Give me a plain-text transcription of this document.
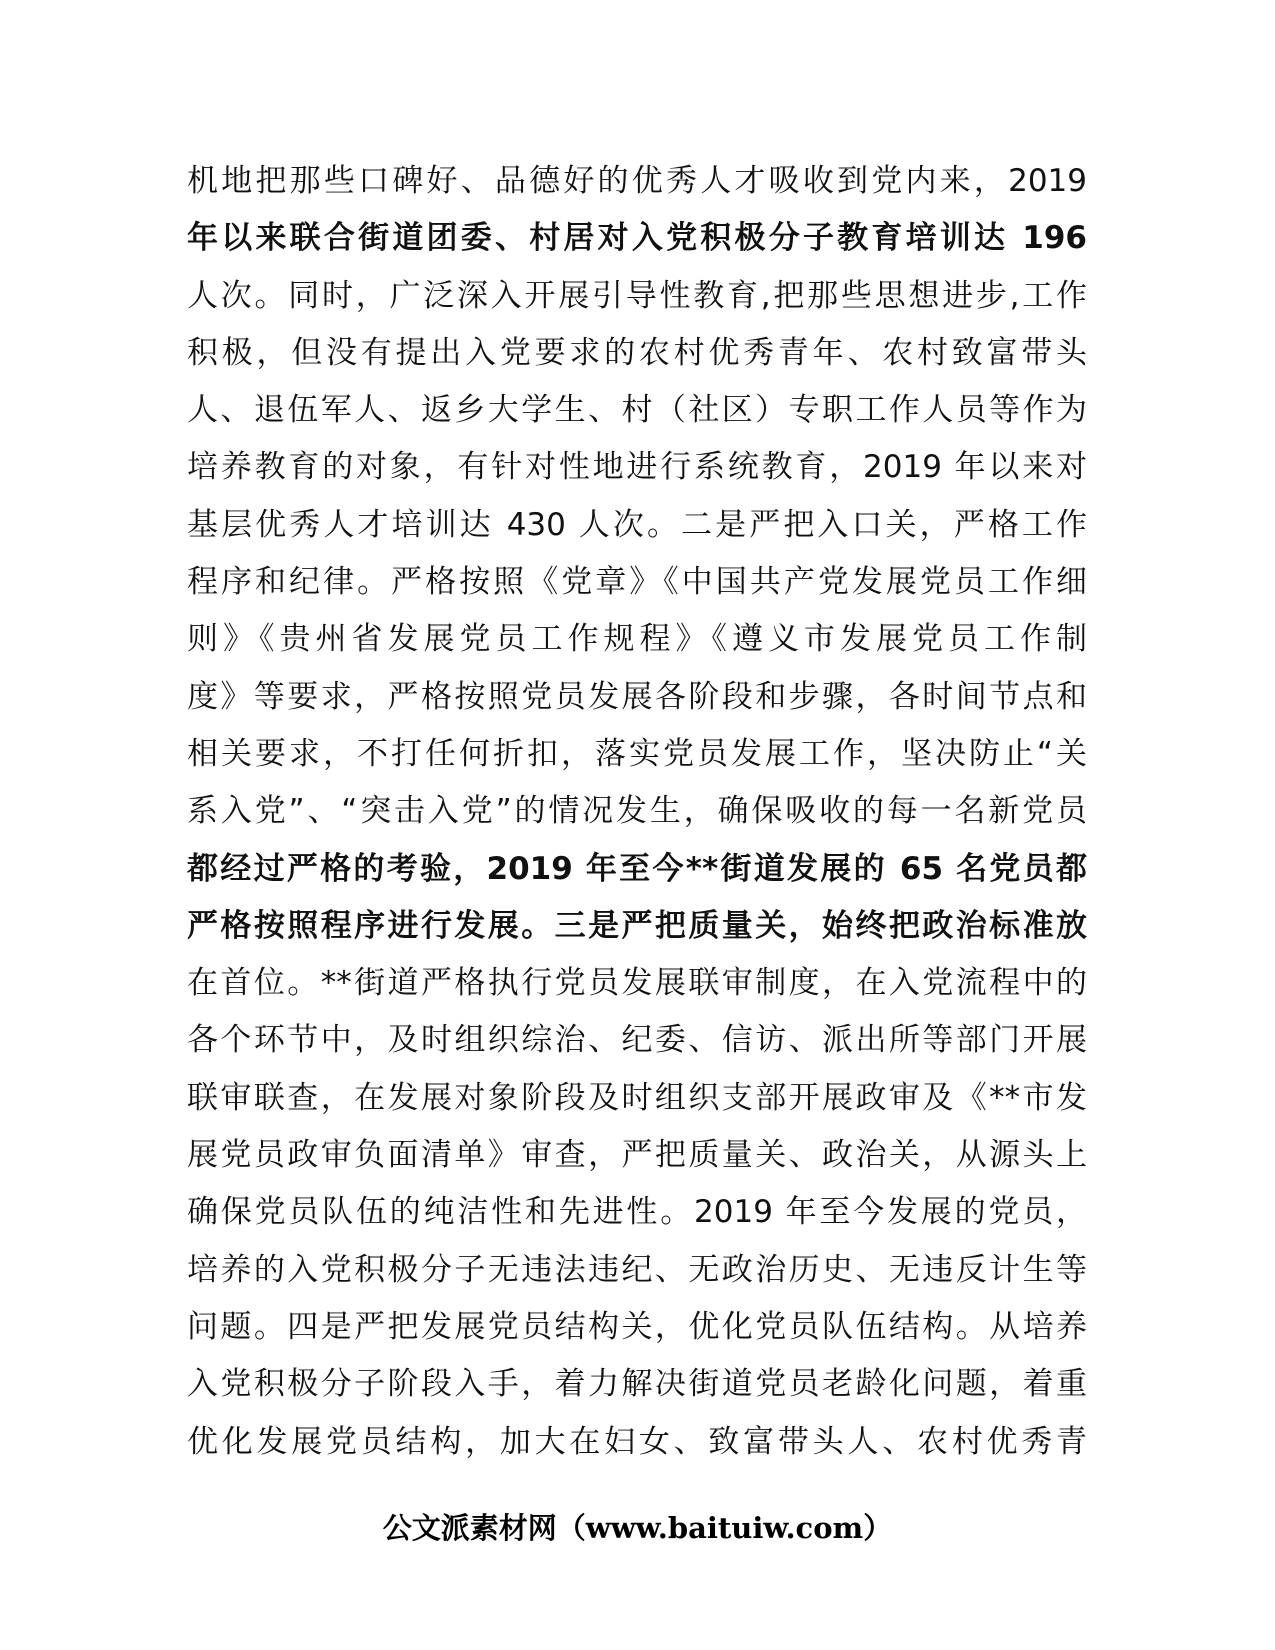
机地把那些口碑好、品德好的优秀人才吸收到党内来，2019
年以来联合街道团委、村居对入党积极分子教育培训达 196
人次。同时，广泛深入开展引导性教育,把那些思想进步,工作
积极，但没有提出入党要求的农村优秀青年、农村致富带头
人、退伍军人、返乡大学生、村（社区）专职工作人员等作为
培养教育的对象，有针对性地进行系统教育，2019 年以来对
基层优秀人才培训达 430 人次。二是严把入口关，严格工作
程序和纪律。严格按照《党章》《中国共产党发展党员工作细
则》《贵州省发展党员工作规程》《遵义市发展党员工作制
度》等要求，严格按照党员发展各阶段和步骤，各时间节点和
相关要求，不打任何折扣，落实党员发展工作，坚决防止“关
系入党”、“突击入党”的情况发生，确保吸收的每一名新党员
都经过严格的考验，2019 年至今**街道发展的 65 名党员都
严格按照程序进行发展。三是严把质量关，始终把政治标准放
在首位。**街道严格执行党员发展联审制度，在入党流程中的
各个环节中，及时组织综治、纪委、信访、派出所等部门开展
联审联查，在发展对象阶段及时组织支部开展政审及《**市发
展党员政审负面清单》审查，严把质量关、政治关，从源头上
确保党员队伍的纯洁性和先进性。2019 年至今发展的党员，
培养的入党积极分子无违法违纪、无政治历史、无违反计生等
问题。四是严把发展党员结构关，优化党员队伍结构。从培养
入党积极分子阶段入手，着力解决街道党员老龄化问题，着重
优化发展党员结构，加大在妇女、致富带头人、农村优秀青
公文派素材网（www.baituiw.com）
